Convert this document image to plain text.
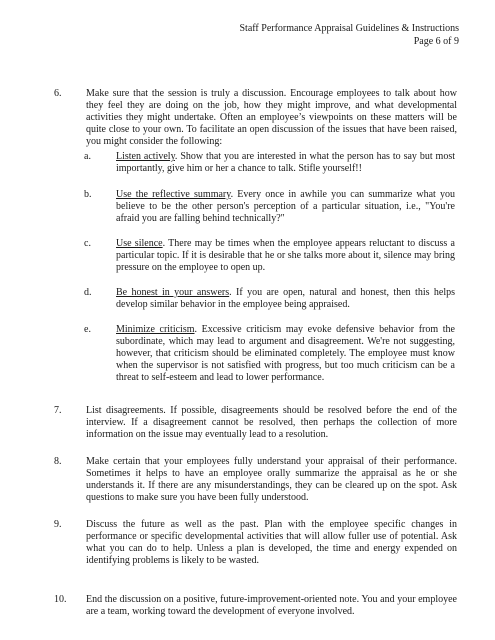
Staff Performance Appraisal Guidelines & Instructions
Page 6 of 9
6. Make sure that the session is truly a discussion. Encourage employees to talk about how they feel they are doing on the job, how they might improve, and what developmental activities they might undertake. Often an employee’s viewpoints on these matters will be quite close to your own. To facilitate an open discussion of the issues that have been raised, you might consider the following:
a.	Listen actively. Show that you are interested in what the person has to say but most importantly, give him or her a chance to talk. Stifle yourself!!
b. Use the reflective summary. Every once in awhile you can summarize what you believe to be the other person's perception of a particular situation, i.e., "You're afraid you are falling behind technically?"
c.	Use silence. There may be times when the employee appears reluctant to discuss a particular topic. If it is desirable that he or she talks more about it, silence may bring pressure on the employee to open up.
d. Be honest in your answers. If you are open, natural and honest, then this helps develop similar behavior in the employee being appraised.
e.	Minimize criticism. Excessive criticism may evoke defensive behavior from the subordinate, which may lead to argument and disagreement. We're not suggesting, however, that criticism should be eliminated completely. The employee must know when the supervisor is not satisfied with progress, but too much criticism can be a threat to self-esteem and lead to lower performance.
7. List disagreements. If possible, disagreements should be resolved before the end of the interview. If a disagreement cannot be resolved, then perhaps the collection of more information on the issue may eventually lead to a resolution.
8. Make certain that your employees fully understand your appraisal of their performance. Sometimes it helps to have an employee orally summarize the appraisal as he or she understands it. If there are any misunderstandings, they can be cleared up on the spot. Ask questions to make sure you have been fully understood.
9. Discuss the future as well as the past. Plan with the employee specific changes in performance or specific developmental activities that will allow fuller use of potential. Ask what you can do to help. Unless a plan is developed, the time and energy expended on identifying problems is likely to be wasted.
10. End the discussion on a positive, future-improvement-oriented note. You and your employee are a team, working toward the development of everyone involved.
